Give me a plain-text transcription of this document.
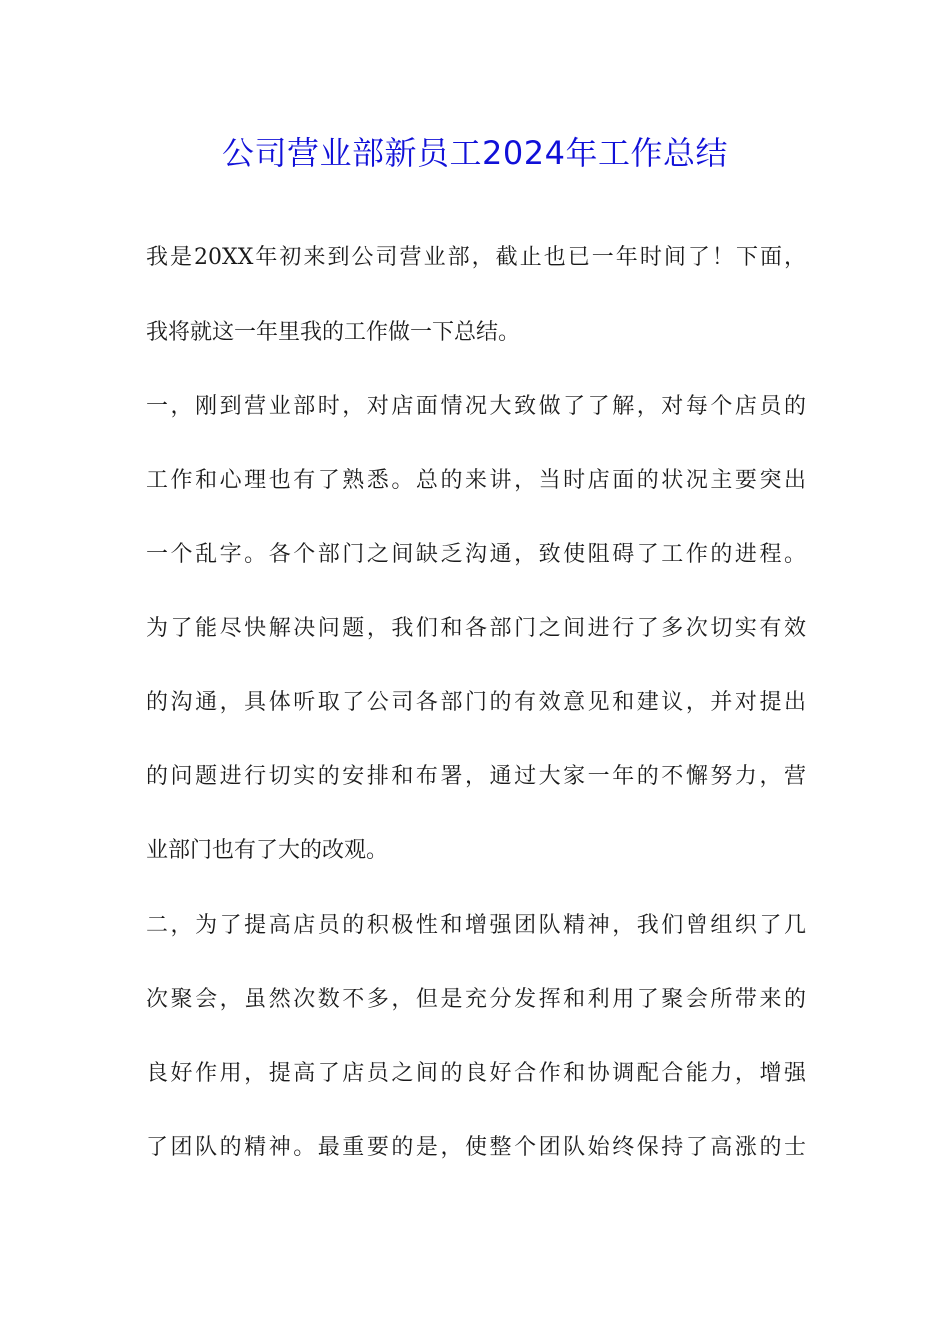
公司营业部新员工2024年工作总结

我是20XX年初来到公司营业部，截止也已一年时间了！下面，

我将就这一年里我的工作做一下总结。

一，刚到营业部时，对店面情况大致做了了解，对每个店员的

工作和心理也有了熟悉。总的来讲，当时店面的状况主要突出

一个乱字。各个部门之间缺乏沟通，致使阻碍了工作的进程。

为了能尽快解决问题，我们和各部门之间进行了多次切实有效

的沟通，具体听取了公司各部门的有效意见和建议，并对提出

的问题进行切实的安排和布署，通过大家一年的不懈努力，营

业部门也有了大的改观。

二，为了提高店员的积极性和增强团队精神，我们曾组织了几

次聚会，虽然次数不多，但是充分发挥和利用了聚会所带来的

良好作用，提高了店员之间的良好合作和协调配合能力，增强

了团队的精神。最重要的是，使整个团队始终保持了高涨的士
